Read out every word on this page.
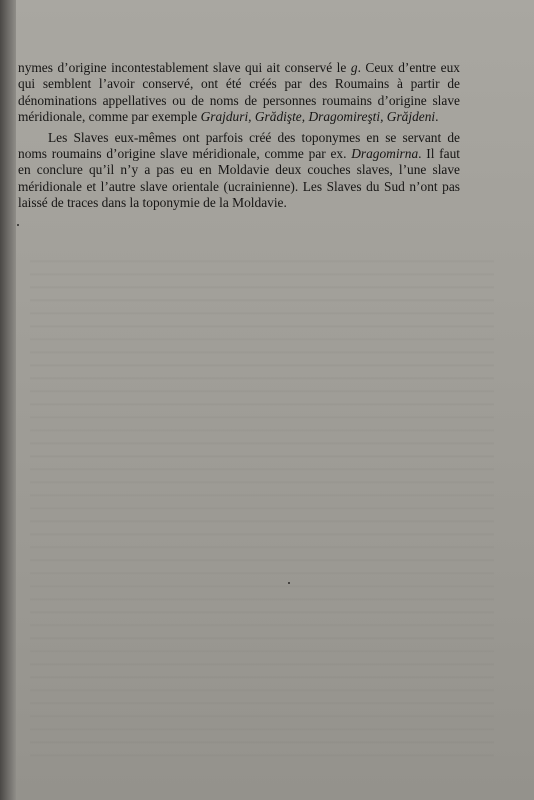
nymes d’origine incontestablement slave qui ait conservé le g. Ceux d’entre eux qui semblent l’avoir conservé, ont été créés par des Roumains à partir de dénominations appellatives ou de noms de personnes roumains d’origine slave méridionale, comme par exemple Grajduri, Grădişte, Dragomireşti, Grăjdeni.

Les Slaves eux-mêmes ont parfois créé des toponymes en se servant de noms roumains d’origine slave méridionale, comme par ex. Dragomirna. Il faut en conclure qu’il n’y a pas eu en Moldavie deux couches slaves, l’une slave méridionale et l’autre slave orientale (ucrainienne). Les Slaves du Sud n’ont pas laissé de traces dans la toponymie de la Moldavie.
